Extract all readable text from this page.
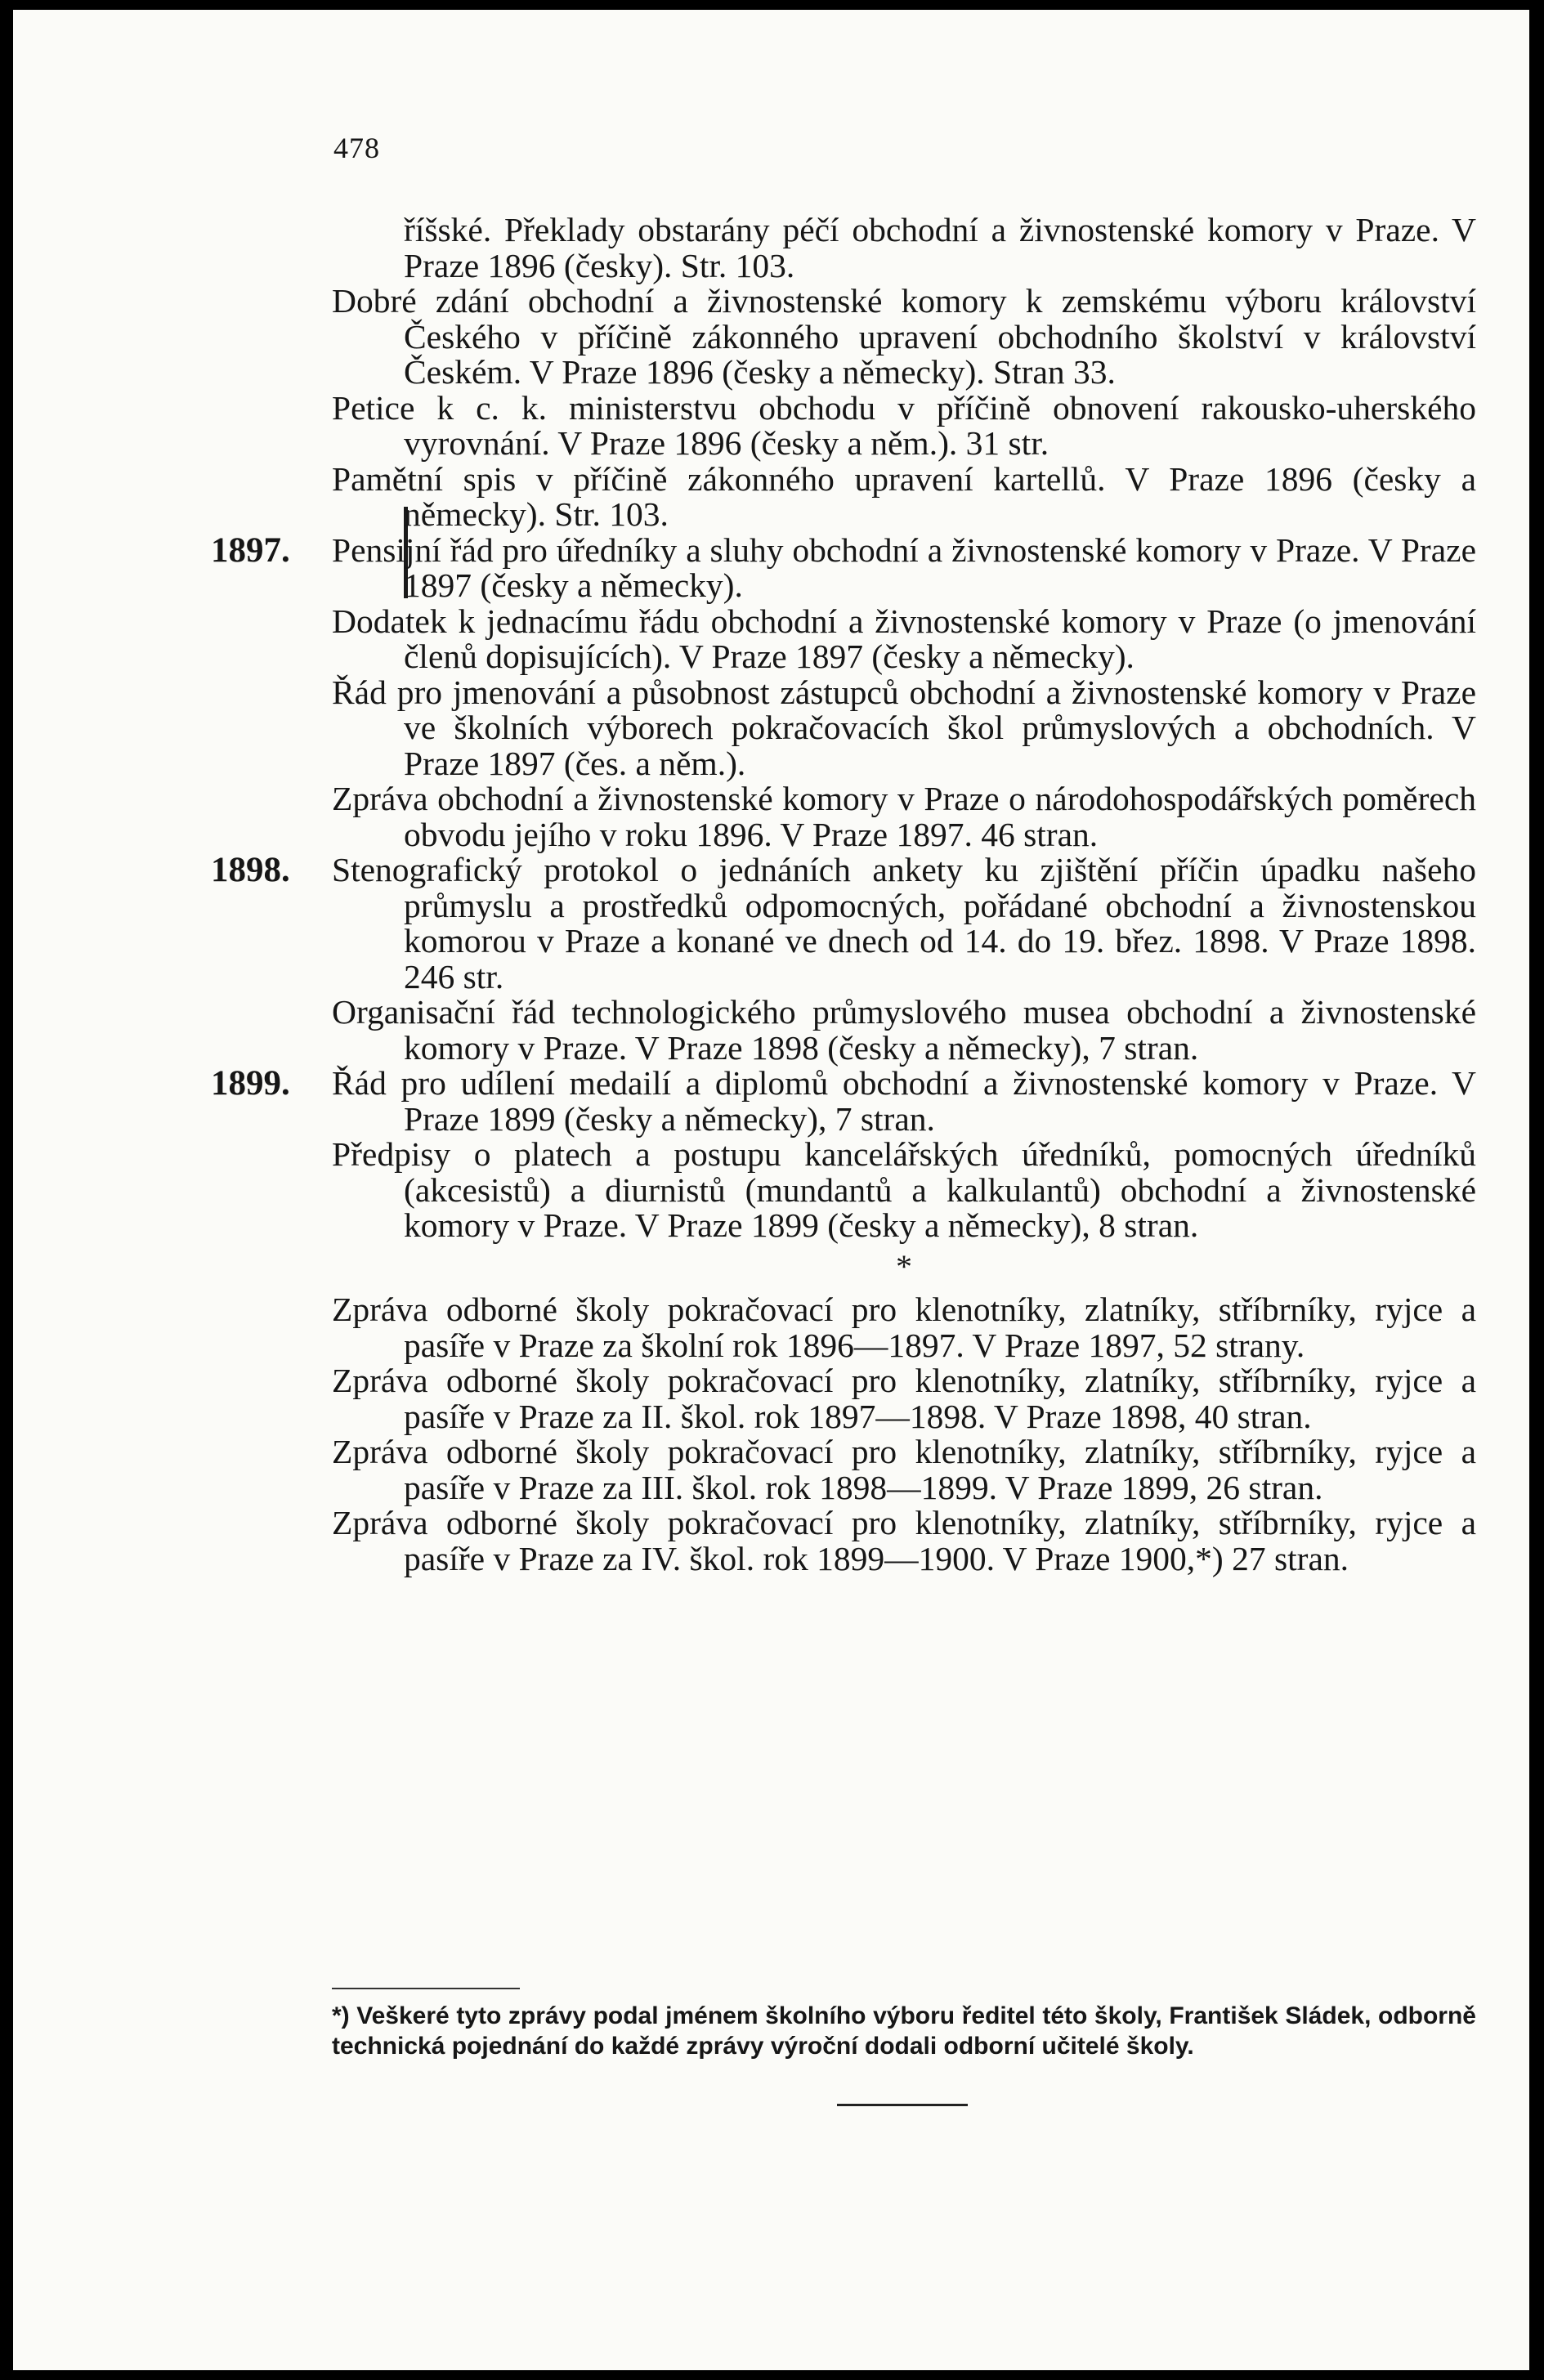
478

říšské. Překlady obstarány péčí obchodní a živnostenské komory v Praze. V Praze 1896 (česky). Str. 103.

Dobré zdání obchodní a živnostenské komory k zemskému výboru království Českého v příčině zákonného upravení obchodního školství v království Českém. V Praze 1896 (česky a německy). Stran 33.

Petice k c. k. ministerstvu obchodu v příčině obnovení rakousko-uherského vyrovnání. V Praze 1896 (česky a něm.). 31 str.

Pamětní spis v příčině zákonného upravení kartellů. V Praze 1896 (česky a německy). Str. 103.

1897. Pensijní řád pro úředníky a sluhy obchodní a živnostenské komory v Praze. V Praze 1897 (česky a německy).

Dodatek k jednacímu řádu obchodní a živnostenské komory v Praze (o jmenování členů dopisujících). V Praze 1897 (česky a německy).

Řád pro jmenování a působnost zástupců obchodní a živnostenské komory v Praze ve školních výborech pokračovacích škol průmyslových a obchodních. V Praze 1897 (čes. a něm.).

Zpráva obchodní a živnostenské komory v Praze o národohospodářských poměrech obvodu jejího v roku 1896. V Praze 1897. 46 stran.

1898. Stenografický protokol o jednáních ankety ku zjištění příčin úpadku našeho průmyslu a prostředků odpomocných, pořádané obchodní a živnostenskou komorou v Praze a konané ve dnech od 14. do 19. břez. 1898. V Praze 1898. 246 str.

Organisační řád technologického průmyslového musea obchodní a živnostenské komory v Praze. V Praze 1898 (česky a německy), 7 stran.

1899. Řád pro udílení medailí a diplomů obchodní a živnostenské komory v Praze. V Praze 1899 (česky a německy), 7 stran.

Předpisy o platech a postupu kancelářských úředníků, pomocných úředníků (akcesistů) a diurnistů (mundantů a kalkulantů) obchodní a živnostenské komory v Praze. V Praze 1899 (česky a německy), 8 stran.

*

Zpráva odborné školy pokračovací pro klenotníky, zlatníky, stříbrníky, ryjce a pasíře v Praze za školní rok 1896—1897. V Praze 1897, 52 strany.

Zpráva odborné školy pokračovací pro klenotníky, zlatníky, stříbrníky, ryjce a pasíře v Praze za II. škol. rok 1897—1898. V Praze 1898, 40 stran.

Zpráva odborné školy pokračovací pro klenotníky, zlatníky, stříbrníky, ryjce a pasíře v Praze za III. škol. rok 1898—1899. V Praze 1899, 26 stran.

Zpráva odborné školy pokračovací pro klenotníky, zlatníky, stříbrníky, ryjce a pasíře v Praze za IV. škol. rok 1899—1900. V Praze 1900,*) 27 stran.

*) Veškeré tyto zprávy podal jménem školního výboru ředitel této školy, František Sládek, odborně technická pojednání do každé zprávy výroční dodali odborní učitelé školy.
